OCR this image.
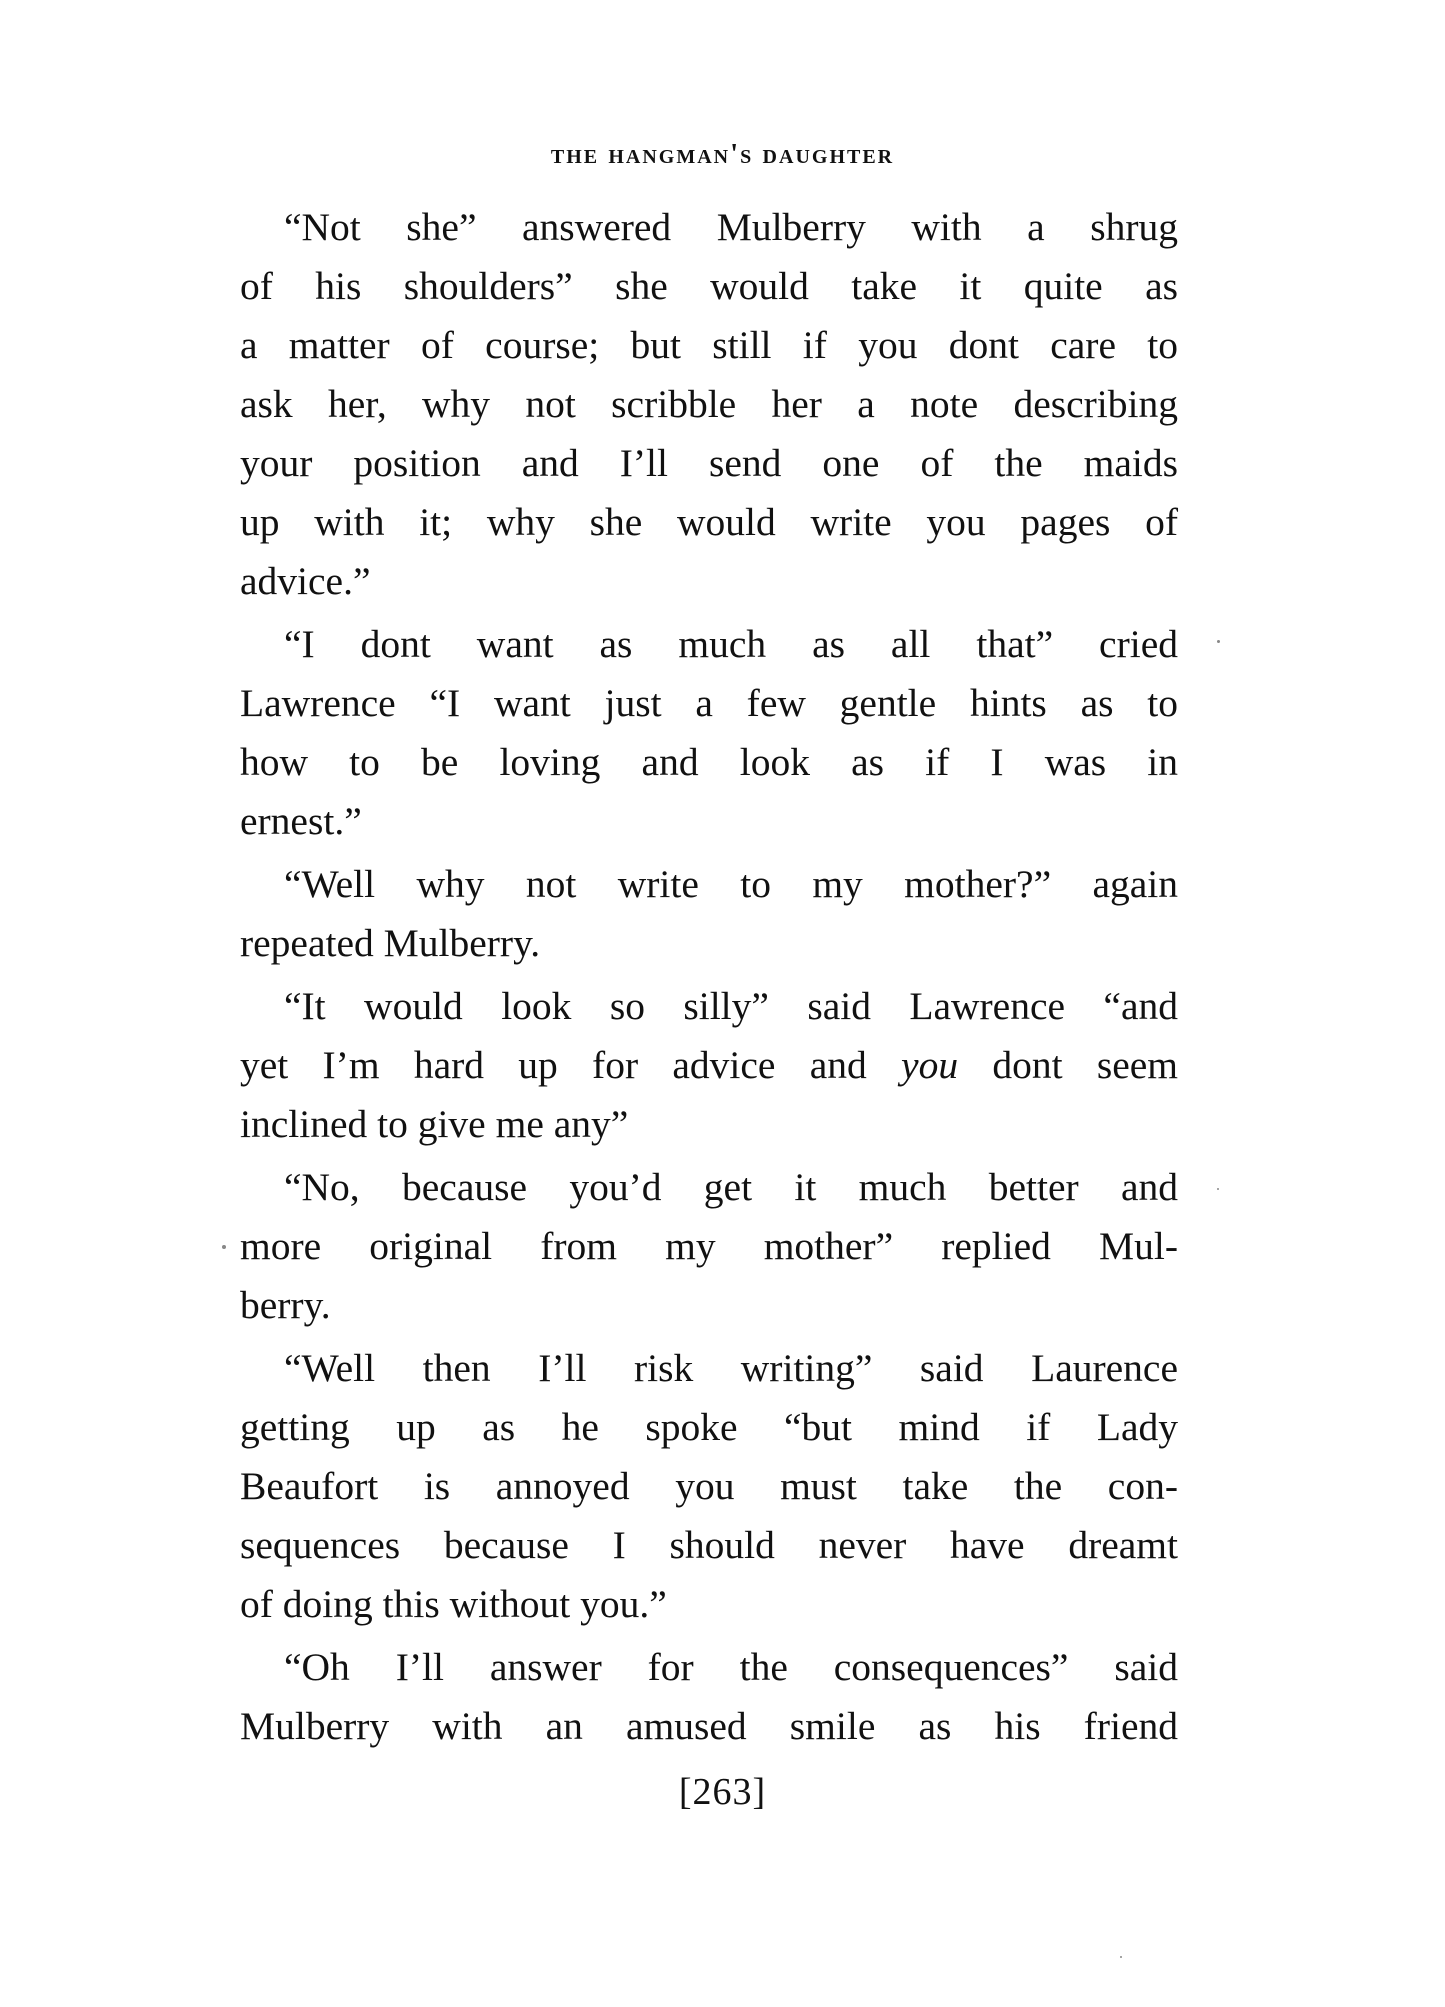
the hangman's daughter
“Not she” answered Mulberry with a shrug
of his shoulders” she would take it quite as
a matter of course; but still if you dont care to
ask her, why not scribble her a note describing
your position and I’ll send one of the maids
up with it; why she would write you pages of
advice.”
“I dont want as much as all that” cried
Lawrence “I want just a few gentle hints as to
how to be loving and look as if I was in
ernest.”
“Well why not write to my mother?” again
repeated Mulberry.
“It would look so silly” said Lawrence “and
yet I’m hard up for advice and you dont seem
inclined to give me any”
“No, because you’d get it much better and
more original from my mother” replied Mul-
berry.
“Well then I’ll risk writing” said Laurence
getting up as he spoke “but mind if Lady
Beaufort is annoyed you must take the con-
sequences because I should never have dreamt
of doing this without you.”
“Oh I’ll answer for the consequences” said
Mulberry with an amused smile as his friend
[263]
